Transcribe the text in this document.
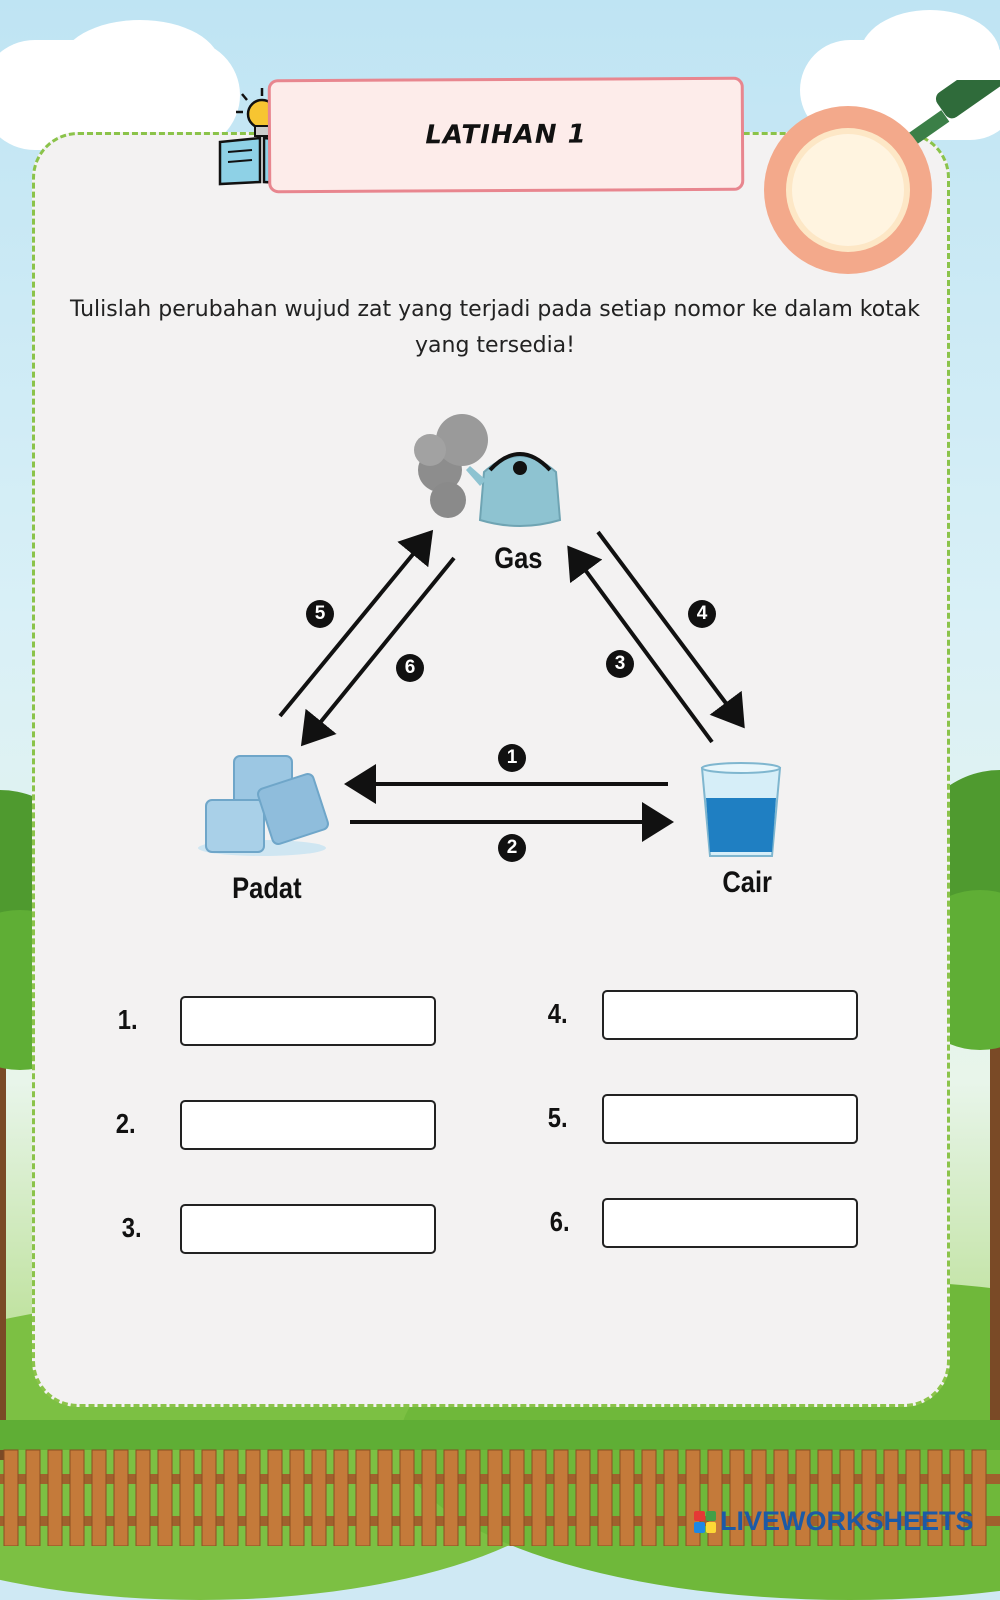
LATIHAN 1
Tulislah perubahan wujud zat yang terjadi pada setiap nomor ke dalam kotak yang tersedia!
Gas
Padat	Cair
5
6
4
3
1
2
1.
2.
3.
4.
5.
6.
LIVEWORKSHEETS
